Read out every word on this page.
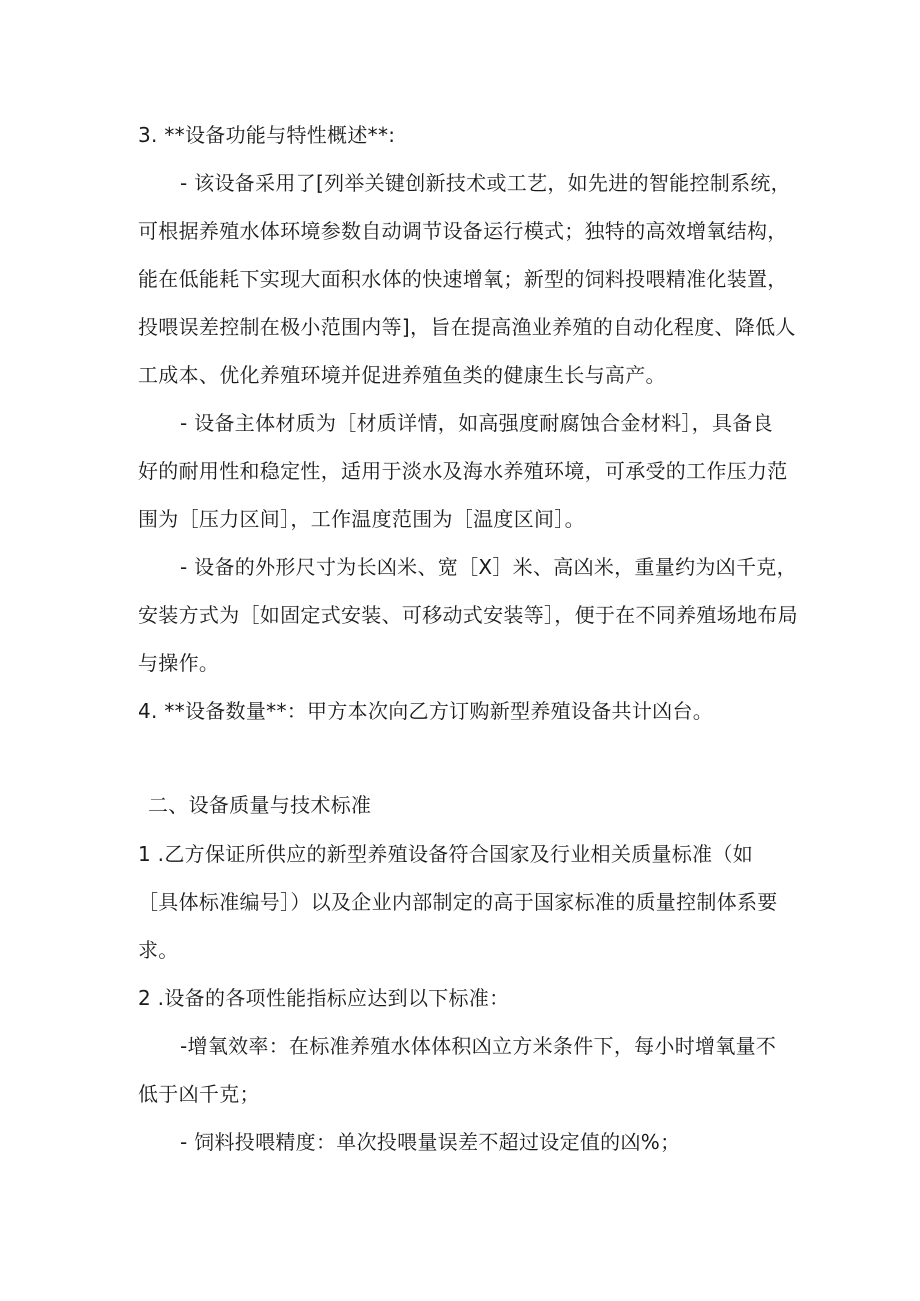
3. **设备功能与特性概述**:
- 该设备采用了[列举关键创新技术或工艺，如先进的智能控制系统，
可根据养殖水体环境参数自动调节设备运行模式；独特的高效增氧结构，
能在低能耗下实现大面积水体的快速增氧；新型的饲料投喂精准化装置，
投喂误差控制在极小范围内等]，旨在提高渔业养殖的自动化程度、降低人
工成本、优化养殖环境并促进养殖鱼类的健康生长与高产。
- 设备主体材质为［材质详情，如高强度耐腐蚀合金材料］，具备良
好的耐用性和稳定性，适用于淡水及海水养殖环境，可承受的工作压力范
围为［压力区间］，工作温度范围为［温度区间］。
- 设备的外形尺寸为长凶米、宽［X］米、高凶米，重量约为凶千克，
安装方式为［如固定式安装、可移动式安装等］，便于在不同养殖场地布局
与操作。
4. **设备数量**：甲方本次向乙方订购新型养殖设备共计凶台。
二、设备质量与技术标准
1 .乙方保证所供应的新型养殖设备符合国家及行业相关质量标准（如
［具体标准编号］）以及企业内部制定的高于国家标准的质量控制体系要
求。
2 .设备的各项性能指标应达到以下标准：
-增氧效率：在标准养殖水体体积凶立方米条件下，每小时增氧量不
低于凶千克；
- 饲料投喂精度：单次投喂量误差不超过设定值的凶%；
